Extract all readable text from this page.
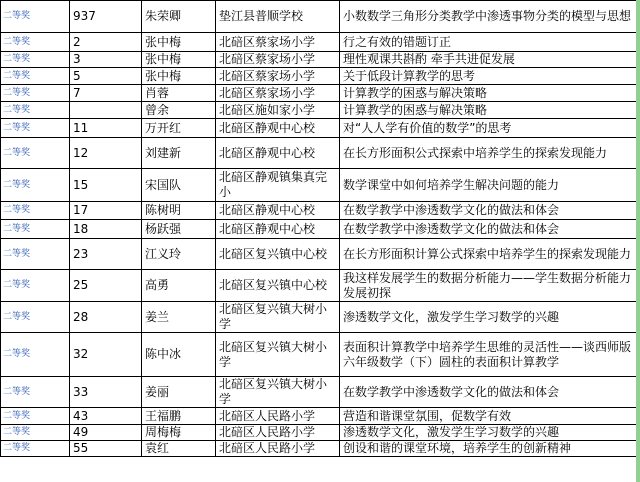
二等奖	937	朱荣卿	垫江县普顺学校	小数数学三角形分类教学中渗透事物分类的模型与思想
二等奖	2	张中梅	北碚区蔡家场小学	行之有效的错题订正
二等奖	3	张中梅	北碚区蔡家场小学	理性观课共斟酌 牵手共进促发展
二等奖	5	张中梅	北碚区蔡家场小学	关于低段计算教学的思考
二等奖	7	肖蓉	北碚区蔡家场小学	计算教学的困惑与解决策略
二等奖		曾余	北碚区施如家小学	计算教学的困惑与解决策略
二等奖	11	万开红	北碚区静观中心校	对“人人学有价值的数学”的思考
二等奖	12	刘建新	北碚区静观中心校	在长方形面积公式探索中培养学生的探索发现能力
二等奖	15	宋国队	北碚区静观镇集真完小	数学课堂中如何培养学生解决问题的能力
二等奖	17	陈树明	北碚区静观中心校	在数学教学中渗透数学文化的做法和体会
二等奖	18	杨跃强	北碚区静观中心校	在数学教学中渗透数学文化的做法和体会
二等奖	23	江义玲	北碚区复兴镇中心校	在长方形面积计算公式探索中培养学生的探索发现能力
二等奖	25	高勇	北碚区复兴镇中心校	我这样发展学生的数据分析能力——学生数据分析能力发展初探
二等奖	28	姜兰	北碚区复兴镇大树小学	渗透数学文化，激发学生学习数学的兴趣
二等奖	32	陈中冰	北碚区复兴镇大树小学	表面积计算教学中培养学生思维的灵活性——谈西师版六年级数学（下）圆柱的表面积计算教学
二等奖	33	姜丽	北碚区复兴镇大树小学	在数学教学中渗透数学文化的做法和体会
二等奖	43	王福鹏	北碚区人民路小学	营造和谐课堂氛围，促数学有效
二等奖	49	周梅梅	北碚区人民路小学	渗透数学文化，激发学生学习数学的兴趣
二等奖	55	袁红	北碚区人民路小学	创设和谐的课堂环境，培养学生的创新精神
